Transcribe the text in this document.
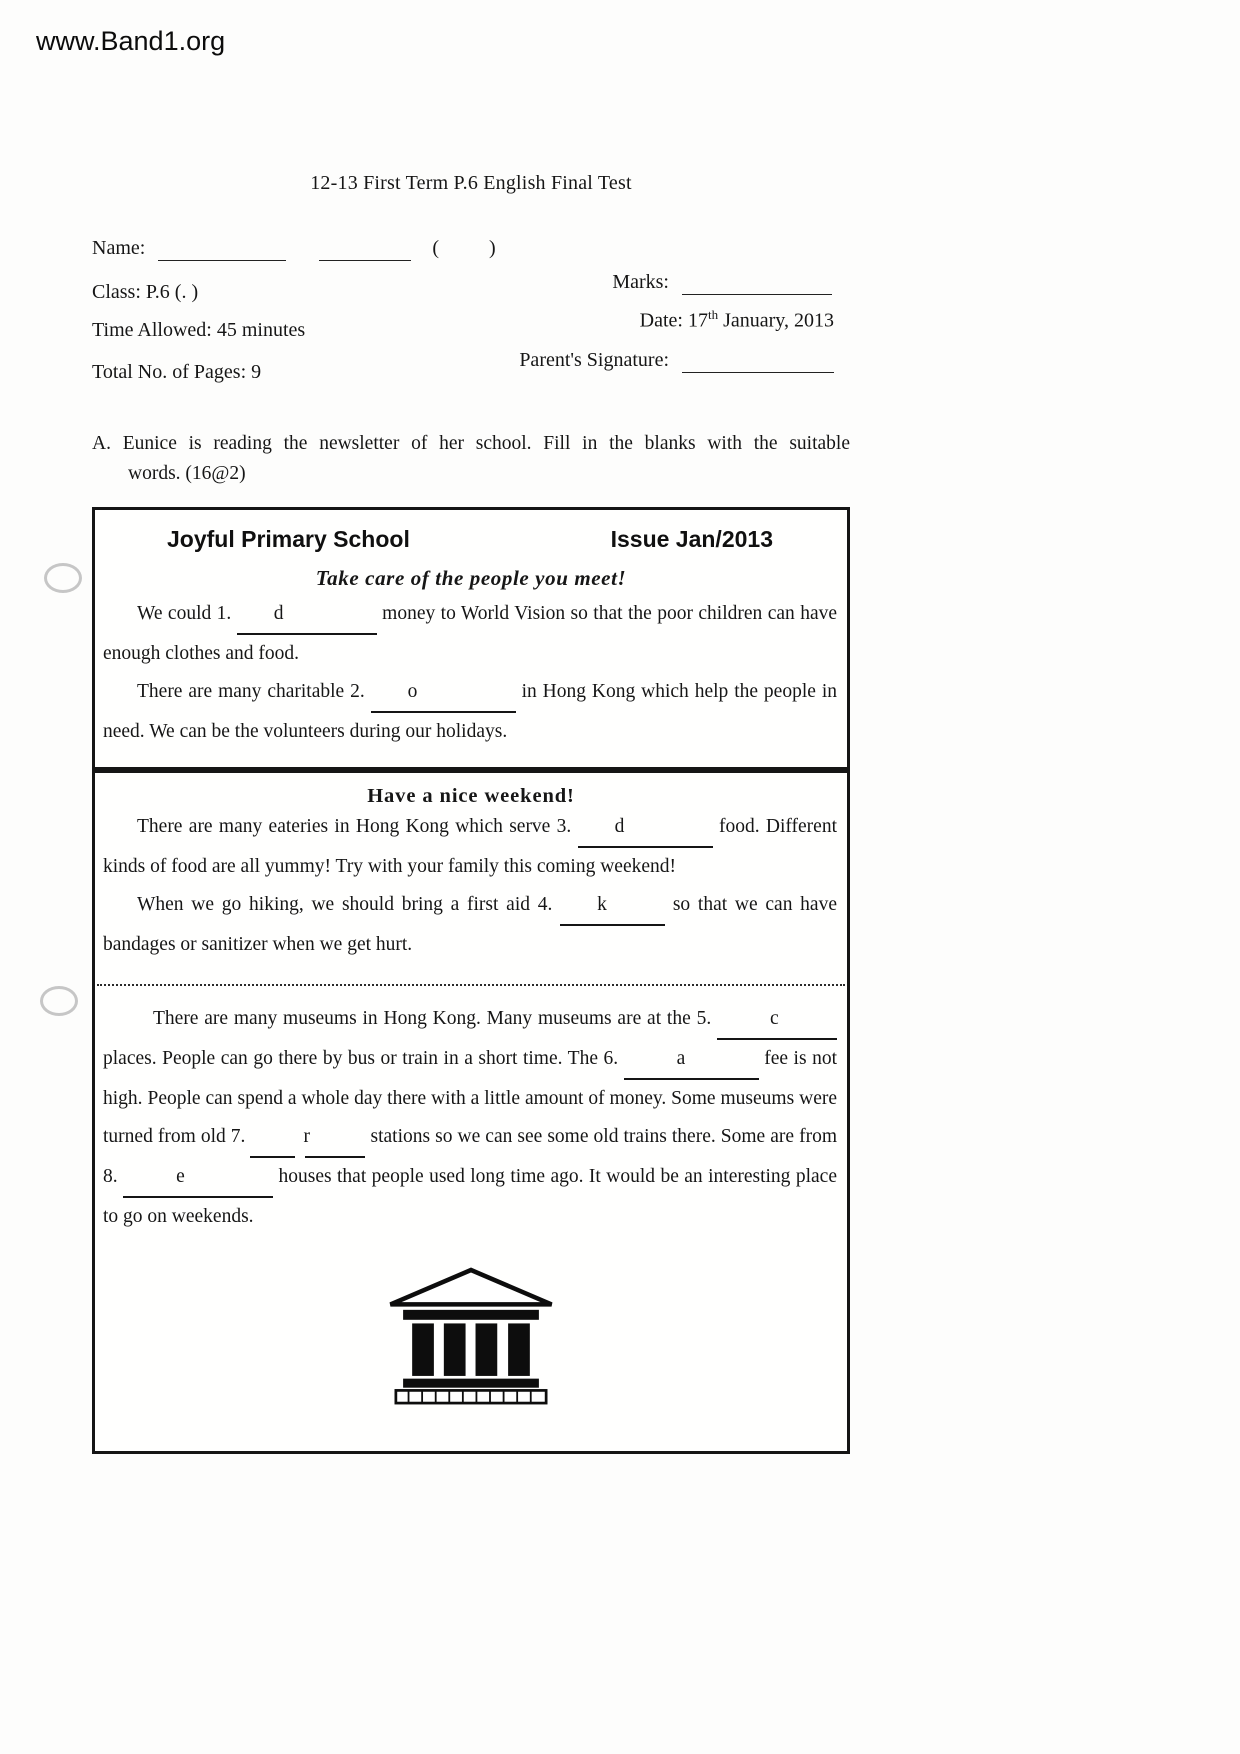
www.Band1.org
12-13 First Term P.6 English Final Test
Name:	(          )
Marks:
Class: P.6 (. )
Date: 17th January, 2013
Time Allowed: 45 minutes
Parent's Signature:
Total No. of Pages: 9
A. Eunice is reading the newsletter of her school. Fill in the blanks with the suitable
words. (16@2)
Joyful Primary School	Issue Jan/2013
Take care of the people you meet!

We could 1. d	money to World Vision so that the poor children can have enough clothes and food.

There are many charitable 2. o	in Hong Kong which help the people in need. We can be the volunteers during our holidays.

Have a nice weekend!

There are many eateries in Hong Kong which serve 3. d	food. Different kinds of food are all yummy! Try with your family this coming weekend!

When we go hiking, we should bring a first aid 4. k	so that we can have bandages or sanitizer when we get hurt.

There are many museums in Hong Kong. Many museums are at the 5.	c places. People can go there by bus or train in a short time. The 6.	a	fee is not high. People can spend a whole day there with a little amount of money. Some museums were turned from old 7.	r	stations so we can see some old trains there. Some are from 8.	e	houses that people used long time ago. It would be an interesting place to go on weekends.
